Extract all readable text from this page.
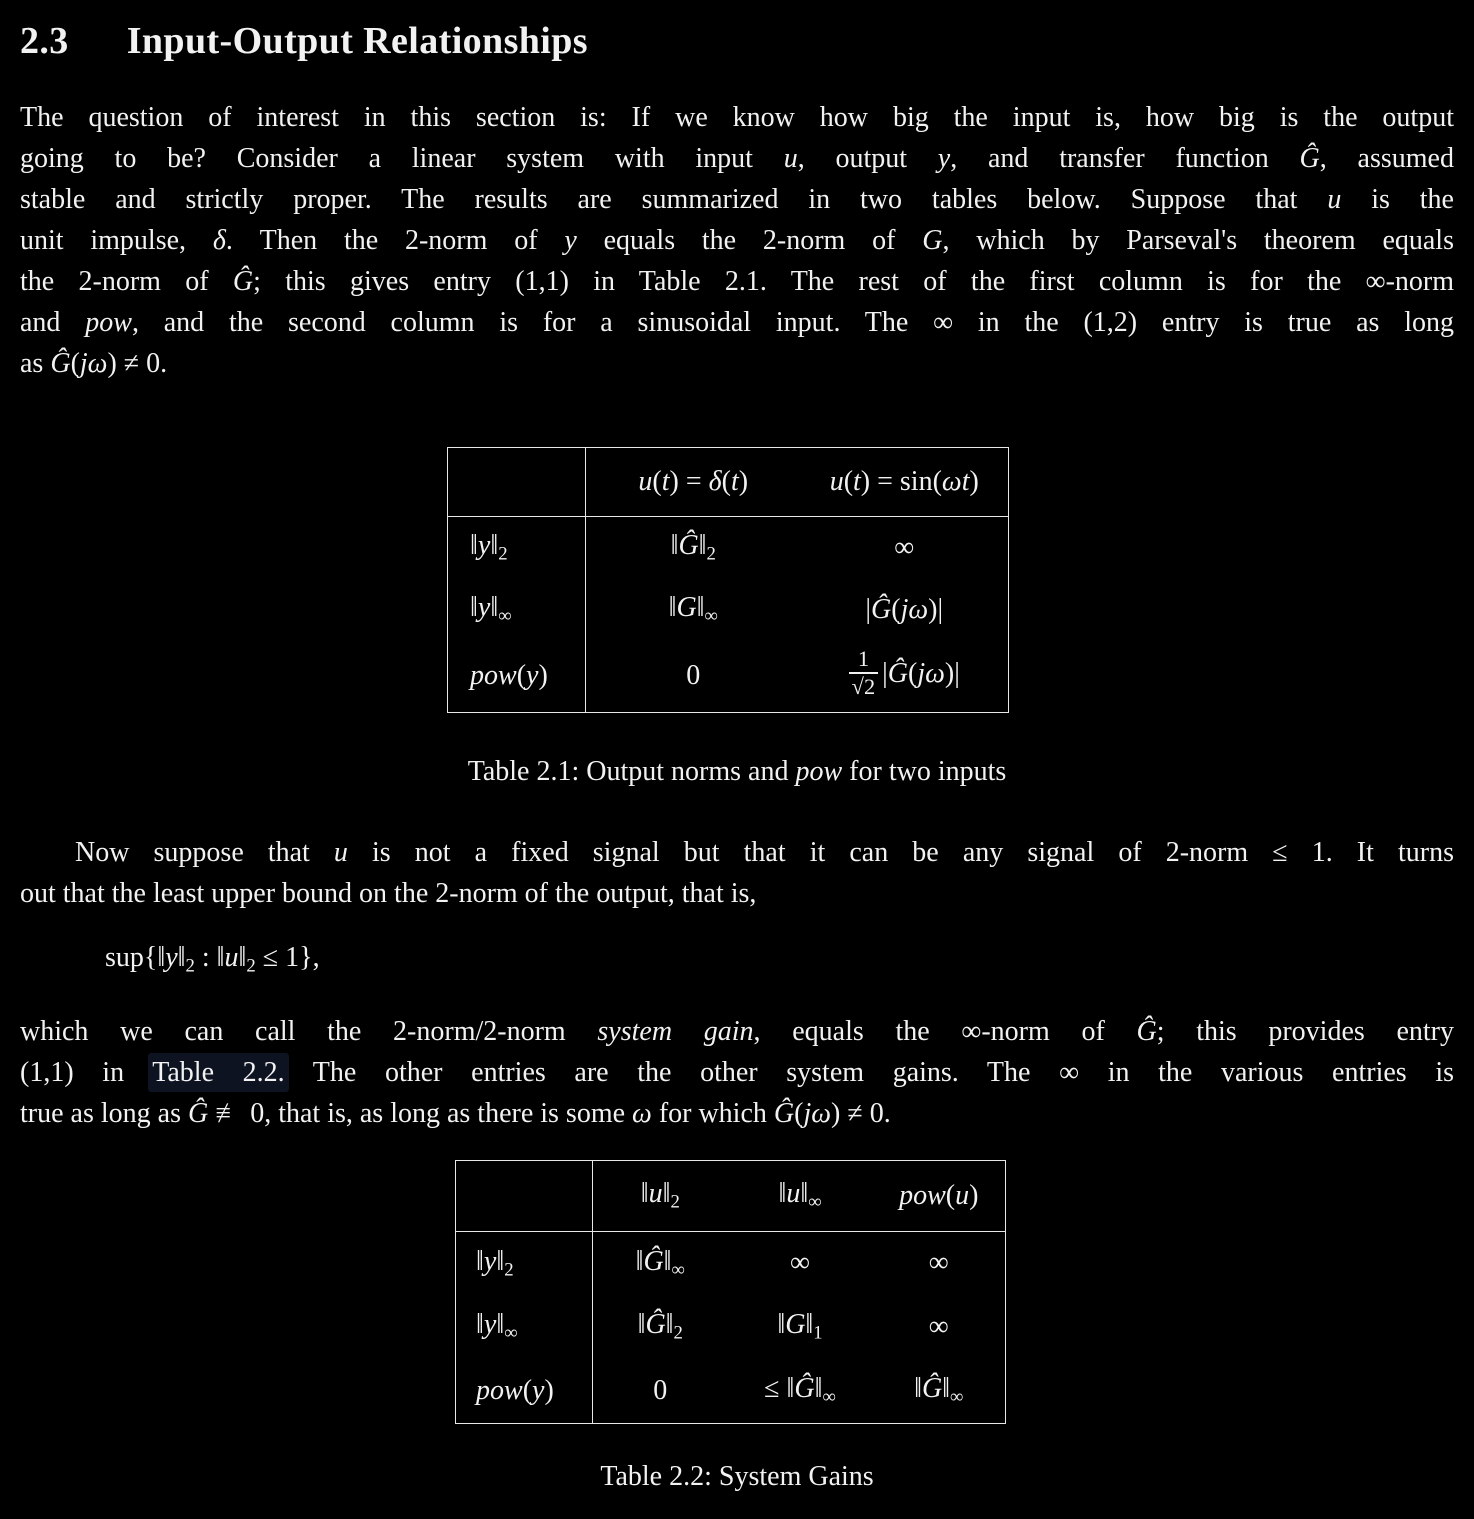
2.3 Input-Output Relationships
The question of interest in this section is: If we know how big the input is, how big is the output
going to be? Consider a linear system with input u, output y, and transfer function Ĝ, assumed
stable and strictly proper. The results are summarized in two tables below. Suppose that u is the
unit impulse, δ. Then the 2-norm of y equals the 2-norm of G, which by Parseval's theorem equals
the 2-norm of Ĝ; this gives entry (1,1) in Table 2.1. The rest of the first column is for the ∞-norm
and pow, and the second column is for a sinusoidal input. The ∞ in the (1,2) entry is true as long
as Ĝ(jω) ≠ 0.
	u(t) = δ(t)	u(t) = sin(ωt)
$‖y‖_2$	$‖Ĝ‖_2$	∞
$‖y‖_\infty$	$‖G‖_\infty$	|Ĝ(jω)|
pow(y)	0	$\frac{1}{√2}$ |Ĝ(jω)|
Table 2.1: Output norms and pow for two inputs
Now suppose that u is not a fixed signal but that it can be any signal of 2-norm ≤ 1. It turns
out that the least upper bound on the 2-norm of the output, that is,
$sup\{‖y‖_2$ : $‖u‖_2 \le 1$},
which we can call the 2-norm/2-norm system gain, equals the ∞-norm of Ĝ; this provides entry
(1,1) in Table 2.2. The other entries are the other system gains. The ∞ in the various entries is
true as long as Ĝ ≢ 0, that is, as long as there is some ω for which Ĝ(jω) ≠ 0.
	$‖u‖_2$	$‖u‖_\infty$	pow(u)
$‖y‖_2$	$‖Ĝ‖_\infty$	∞	∞
$‖y‖_\infty$	$‖Ĝ‖_2$	$‖G‖_1$	∞
pow(y)	0	≤ $‖Ĝ‖_\infty$	$‖Ĝ‖_\infty$
Table 2.2: System Gains
